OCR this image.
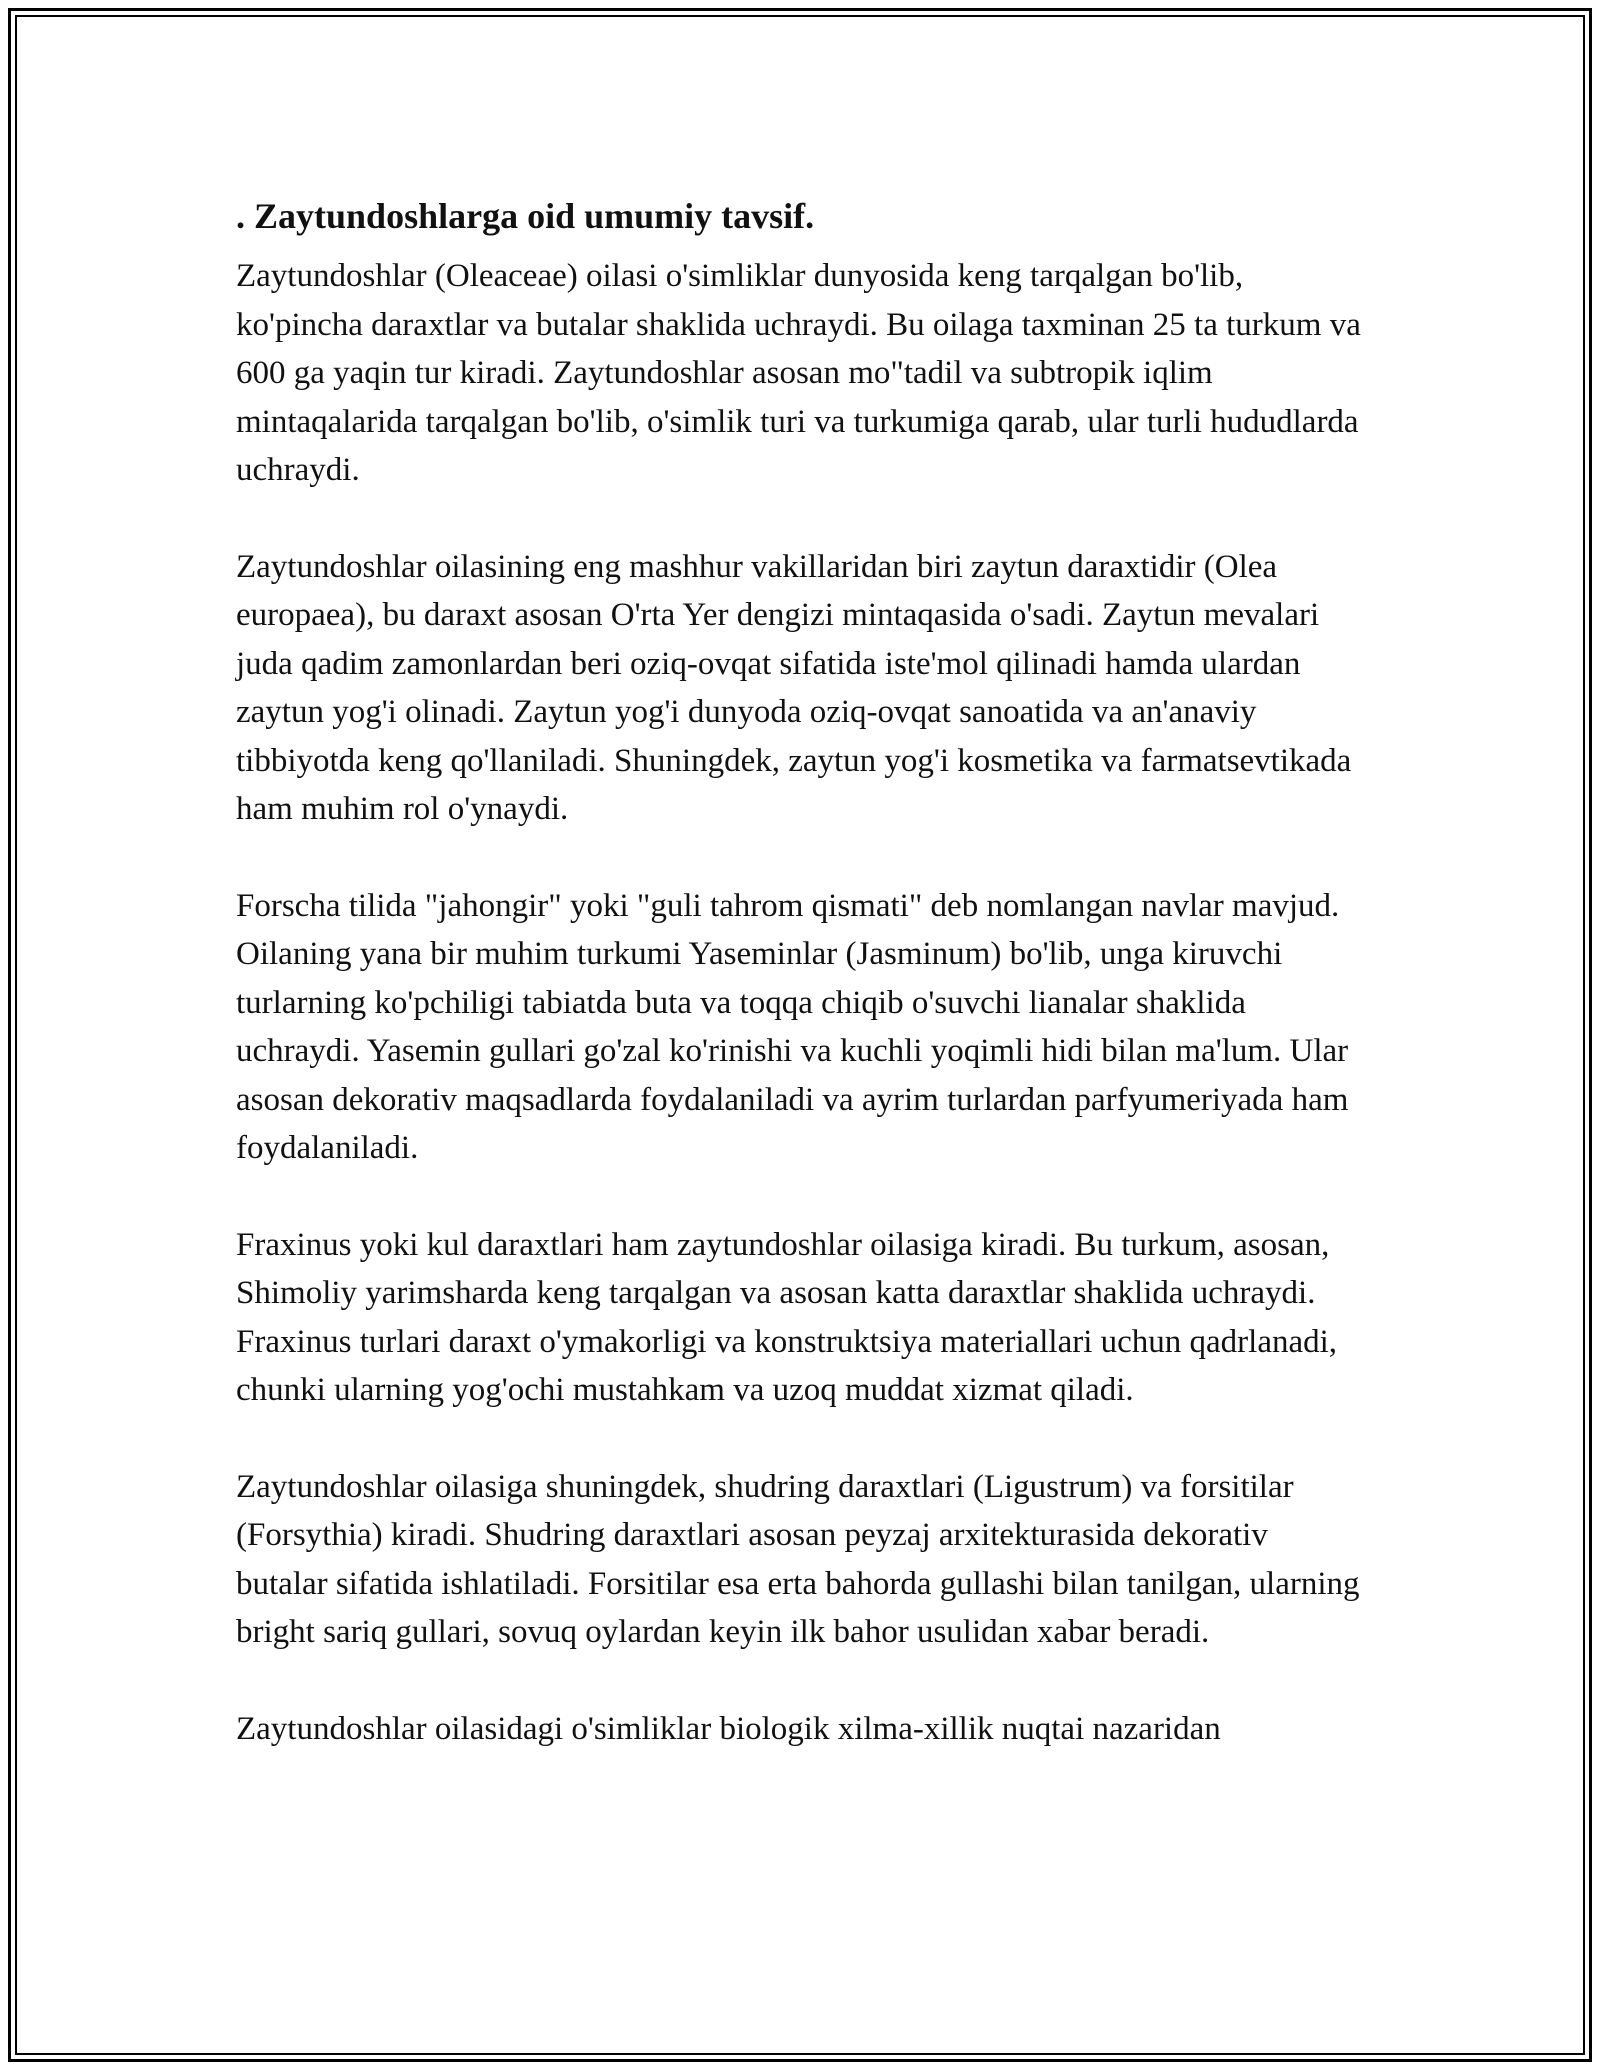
. Zaytundoshlarga oid umumiy tavsif.

Zaytundoshlar (Oleaceae) oilasi o'simliklar dunyosida keng tarqalgan bo'lib, ko'pincha daraxtlar va butalar shaklida uchraydi. Bu oilaga taxminan 25 ta turkum va 600 ga yaqin tur kiradi. Zaytundoshlar asosan mo"tadil va subtropik iqlim mintaqalarida tarqalgan bo'lib, o'simlik turi va turkumiga qarab, ular turli hududlarda uchraydi.

Zaytundoshlar oilasining eng mashhur vakillaridan biri zaytun daraxtidir (Olea europaea), bu daraxt asosan O'rta Yer dengizi mintaqasida o'sadi. Zaytun mevalari juda qadim zamonlardan beri oziq-ovqat sifatida iste'mol qilinadi hamda ulardan zaytun yog'i olinadi. Zaytun yog'i dunyoda oziq-ovqat sanoatida va an'anaviy tibbiyotda keng qo'llaniladi. Shuningdek, zaytun yog'i kosmetika va farmatsevtikada ham muhim rol o'ynaydi.

Forscha tilida "jahongir" yoki "guli tahrom qismati" deb nomlangan navlar mavjud. Oilaning yana bir muhim turkumi Yaseminlar (Jasminum) bo'lib, unga kiruvchi turlarning ko'pchiligi tabiatda buta va toqqa chiqib o'suvchi lianalar shaklida uchraydi. Yasemin gullari go'zal ko'rinishi va kuchli yoqimli hidi bilan ma'lum. Ular asosan dekorativ maqsadlarda foydalaniladi va ayrim turlardan parfyumeriyada ham foydalaniladi.

Fraxinus yoki kul daraxtlari ham zaytundoshlar oilasiga kiradi. Bu turkum, asosan, Shimoliy yarimsharda keng tarqalgan va asosan katta daraxtlar shaklida uchraydi. Fraxinus turlari daraxt o'ymakorligi va konstruktsiya materiallari uchun qadrlanadi, chunki ularning yog'ochi mustahkam va uzoq muddat xizmat qiladi.

Zaytundoshlar oilasiga shuningdek, shudring daraxtlari (Ligustrum) va forsitilar (Forsythia) kiradi. Shudring daraxtlari asosan peyzaj arxitekturasida dekorativ butalar sifatida ishlatiladi. Forsitilar esa erta bahorda gullashi bilan tanilgan, ularning bright sariq gullari, sovuq oylardan keyin ilk bahor usulidan xabar beradi.

Zaytundoshlar oilasidagi o'simliklar biologik xilma-xillik nuqtai nazaridan
